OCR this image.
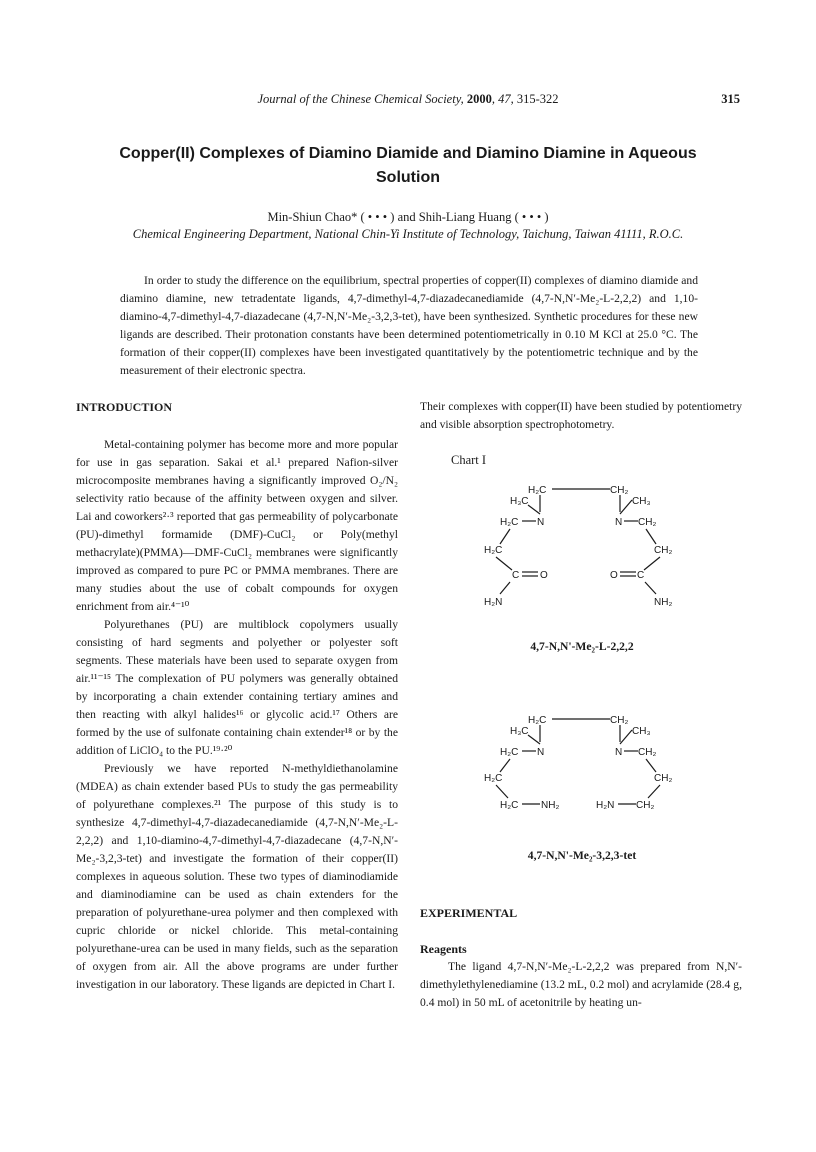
Journal of the Chinese Chemical Society, 2000, 47, 315-322	315
Copper(II) Complexes of Diamino Diamide and Diamino Diamine in Aqueous Solution
Min-Shiun Chao* ( • • • ) and Shih-Liang Huang ( • • • )
Chemical Engineering Department, National Chin-Yi Institute of Technology, Taichung, Taiwan 41111, R.O.C.
In order to study the difference on the equilibrium, spectral properties of copper(II) complexes of diamino diamide and diamino diamine, new tetradentate ligands, 4,7-dimethyl-4,7-diazadecanediamide (4,7-N,N′-Me₂-L-2,2,2) and 1,10-diamino-4,7-dimethyl-4,7-diazadecane (4,7-N,N′-Me₂-3,2,3-tet), have been synthesized. Synthetic procedures for these new ligands are described. Their protonation constants have been determined potentiometrically in 0.10 M KCl at 25.0 °C. The formation of their copper(II) complexes have been investigated quantitatively by the potentiometric technique and by the measurement of their electronic spectra.
INTRODUCTION

Metal-containing polymer has become more and more popular for use in gas separation. Sakai et al.¹ prepared Nafion-silver microcomposite membranes having a significantly improved O₂/N₂ selectivity ratio because of the affinity between oxygen and silver. Lai and coworkers²·³ reported that gas permeability of polycarbonate (PU)-dimethyl formamide (DMF)-CuCl₂ or Poly(methyl methacrylate)(PMMA)—DMF-CuCl₂ membranes were significantly improved as compared to pure PC or PMMA membranes. There are many studies about the use of cobalt compounds for oxygen enrichment from air.⁴⁻¹⁰

Polyurethanes (PU) are multiblock copolymers usually consisting of hard segments and polyether or polyester soft segments. These materials have been used to separate oxygen from air.¹¹⁻¹⁵ The complexation of PU polymers was generally obtained by incorporating a chain extender containing tertiary amines and then reacting with alkyl halides¹⁶ or glycolic acid.¹⁷ Others are formed by the use of sulfonate containing chain extender¹⁸ or by the addition of LiClO₄ to the PU.¹⁹·²⁰

Previously we have reported N-methyldiethanolamine (MDEA) as chain extender based PUs to study the gas permeability of polyurethane complexes.²¹ The purpose of this study is to synthesize 4,7-dimethyl-4,7-diazadecanediamide (4,7-N,N′-Me₂-L-2,2,2) and 1,10-diamino-4,7-dimethyl-4,7-diazadecane (4,7-N,N′-Me₂-3,2,3-tet) and investigate the formation of their copper(II) complexes in aqueous solution. These two types of diaminodiamide and diaminodiamine can be used as chain extenders for the preparation of polyurethane-urea polymer and then complexed with cupric chloride or nickel chloride. This metal-containing polyurethane-urea can be used in many fields, such as the separation of oxygen from air. All the above programs are under further investigation in our laboratory. These ligands are depicted in Chart I.

Their complexes with copper(II) have been studied by potentiometry and visible absorption spectrophotometry.
Chart I
H₂C	CH₂
H₃C	CH₃
H₂C N	N CH₂
H₂C	CH₂
C O	O C
H₂N	NH₂
4,7-N,N'-Me₂-L-2,2,2
H₂C	CH₂
H₃C	CH₃
H₂C N	N CH₂
H₂C	CH₂
H₂C NH₂	H₂N CH₂
4,7-N,N'-Me₂-3,2,3-tet
EXPERIMENTAL
Reagents

The ligand 4,7-N,N′-Me₂-L-2,2,2 was prepared from N,N′-dimethylethylenediamine (13.2 mL, 0.2 mol) and acrylamide (28.4 g, 0.4 mol) in 50 mL of acetonitrile by heating un-
